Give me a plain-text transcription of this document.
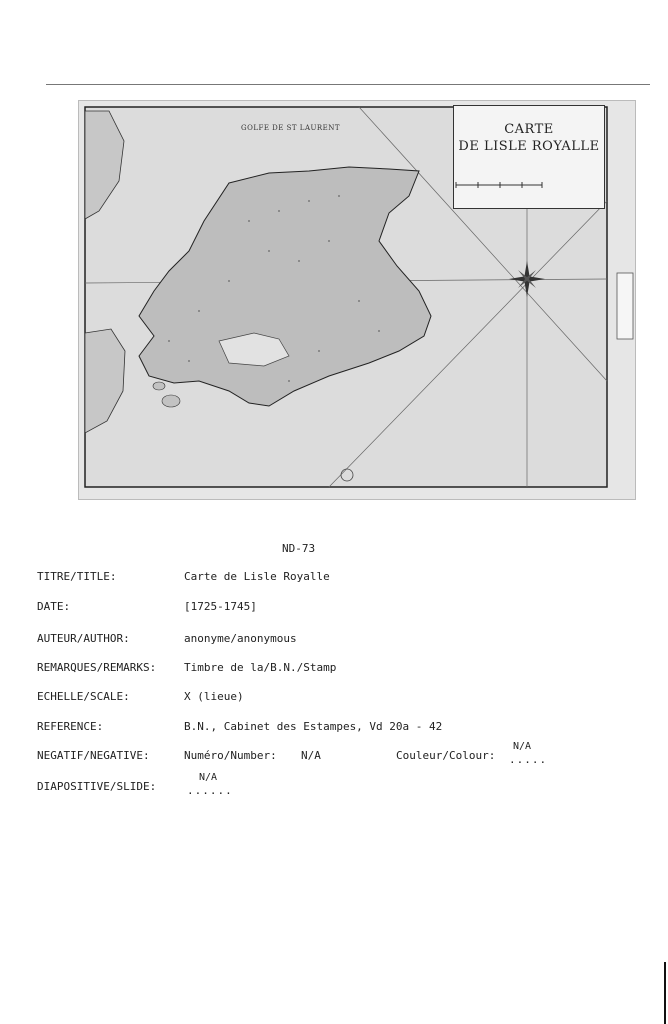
CARTE
DE LISLE ROYALLE
GOLFE DE ST LAURENT
ND-73
TITRE/TITLE:	Carte de Lisle Royalle
DATE:	[1725-1745]
AUTEUR/AUTHOR:	anonyme/anonymous
REMARQUES/REMARKS:	Timbre de la/B.N./Stamp
ECHELLE/SCALE:	X (lieue)
REFERENCE:	B.N., Cabinet des Estampes, Vd 20a - 42
NEGATIF/NEGATIVE:	Numéro/Number: N/A	Couleur/Colour:
N/A
.....
DIAPOSITIVE/SLIDE:
N/A
......
